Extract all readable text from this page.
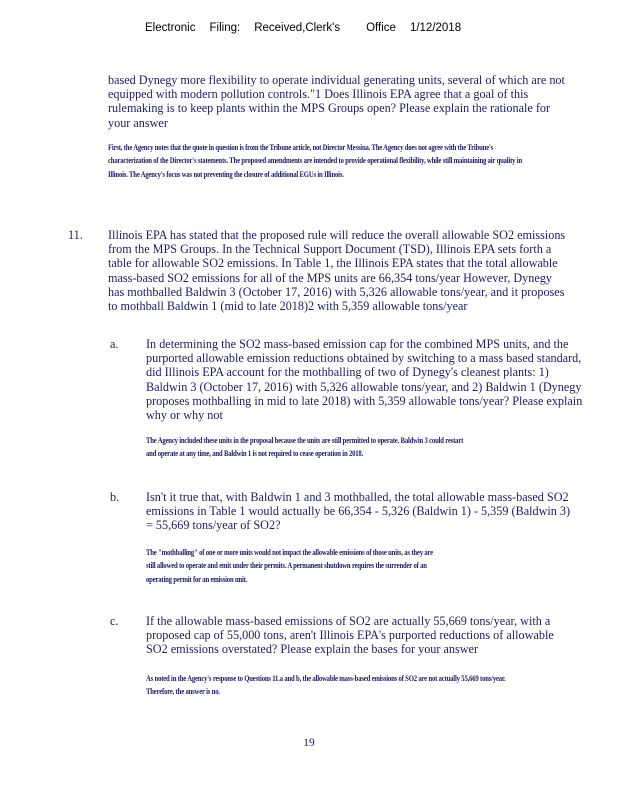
Electronic Filing: Received,Clerk's Office 1/12/2018
based Dynegy more flexibility to operate individual generating units, several of which are not equipped with modern pollution controls."1 Does Illinois EPA agree that a goal of this rulemaking is to keep plants within the MPS Groups open? Please explain the rationale for your answer
First, the Agency notes that the quote in question is from the Tribune article, not Director Messina. The Agency does not agree with the Tribune's characterization of the Director's statements. The proposed amendments are intended to provide operational flexibility, while still maintaining air quality in Illinois. The Agency's focus was not preventing the closure of additional EGUs in Illinois.
11. Illinois EPA has stated that the proposed rule will reduce the overall allowable SO2 emissions from the MPS Groups. In the Technical Support Document (TSD), Illinois EPA sets forth a table for allowable SO2 emissions. In Table 1, the Illinois EPA states that the total allowable mass-based SO2 emissions for all of the MPS units are 66,354 tons/year However, Dynegy has mothballed Baldwin 3 (October 17, 2016) with 5,326 allowable tons/year, and it proposes to mothball Baldwin 1 (mid to late 2018)2 with 5,359 allowable tons/year
a. In determining the SO2 mass-based emission cap for the combined MPS units, and the purported allowable emission reductions obtained by switching to a mass based standard, did Illinois EPA account for the mothballing of two of Dynegy's cleanest plants: 1) Baldwin 3 (October 17, 2016) with 5,326 allowable tons/year, and 2) Baldwin 1 (Dynegy proposes mothballing in mid to late 2018) with 5,359 allowable tons/year? Please explain why or why not
The Agency included these units in the proposal because the units are still permitted to operate. Baldwin 3 could restart and operate at any time, and Baldwin 1 is not required to cease operation in 2018.
b. Isn't it true that, with Baldwin 1 and 3 mothballed, the total allowable mass-based SO2 emissions in Table 1 would actually be 66,354 - 5,326 (Baldwin 1) - 5,359 (Baldwin 3) = 55,669 tons/year of SO2?
The "mothballing" of one or more units would not impact the allowable emissions of those units, as they are still allowed to operate and emit under their permits. A permanent shutdown requires the surrender of an operating permit for an emission unit.
c. If the allowable mass-based emissions of SO2 are actually 55,669 tons/year, with a proposed cap of 55,000 tons, aren't Illinois EPA's purported reductions of allowable SO2 emissions overstated? Please explain the bases for your answer
As noted in the Agency's response to Questions 11.a and b, the allowable mass-based emissions of SO2 are not actually 55,669 tons/year. Therefore, the answer is no.
19
